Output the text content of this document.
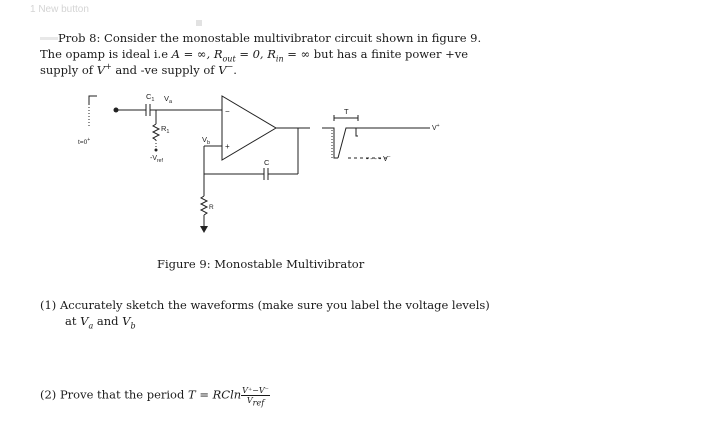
1 New button
Prob 8: Consider the monostable multivibrator circuit shown in figure 9.
The opamp is ideal i.e A = ∞, $R_{out} = 0$, $R_{in}$ = ∞ but has a finite power +ve
supply of V+ and -ve supply of V−.
$C_1$ $V_a$
$R_1$
$V_b$
$-V_{ref}$
t=0+
−
+
C
R
T
V+
- - - - V−
Figure 9: Monostable Multivibrator
(1) Accurately sketch the waveforms (make sure you label the voltage levels)
at $V_a$ and $V_b$
(2) Prove that the period T = RCln $\frac{V^+-V^-}{V_{ref}}$
